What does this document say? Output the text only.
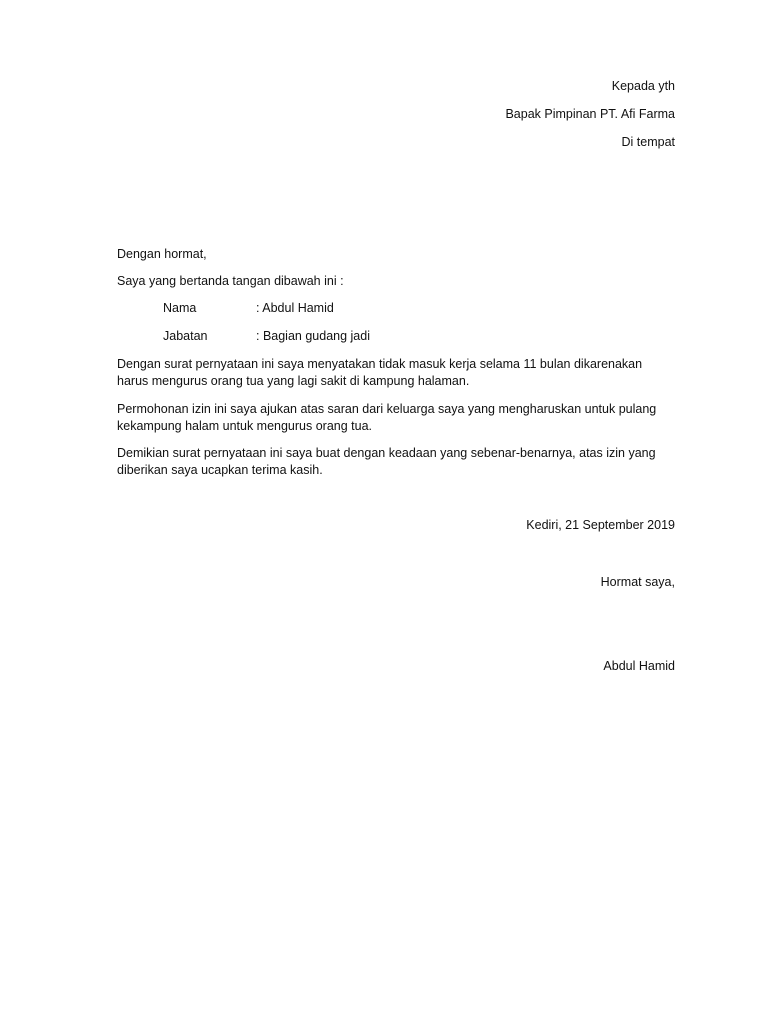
Kepada yth
Bapak Pimpinan PT. Afi Farma
Di tempat
Dengan hormat,
Saya yang bertanda tangan dibawah ini :
Nama	: Abdul Hamid
Jabatan	: Bagian gudang jadi

Dengan surat pernyataan ini saya menyatakan tidak masuk kerja selama 11 bulan dikarenakan

harus mengurus orang tua yang lagi sakit di kampung halaman.

Permohonan izin ini saya ajukan atas saran dari keluarga saya yang mengharuskan untuk pulang

kekampung halam untuk mengurus orang tua.

Demikian surat pernyataan ini saya buat dengan keadaan yang sebenar-benarnya, atas izin yang

diberikan saya ucapkan terima kasih.

Kediri, 21 September 2019
Hormat saya,
Abdul Hamid
